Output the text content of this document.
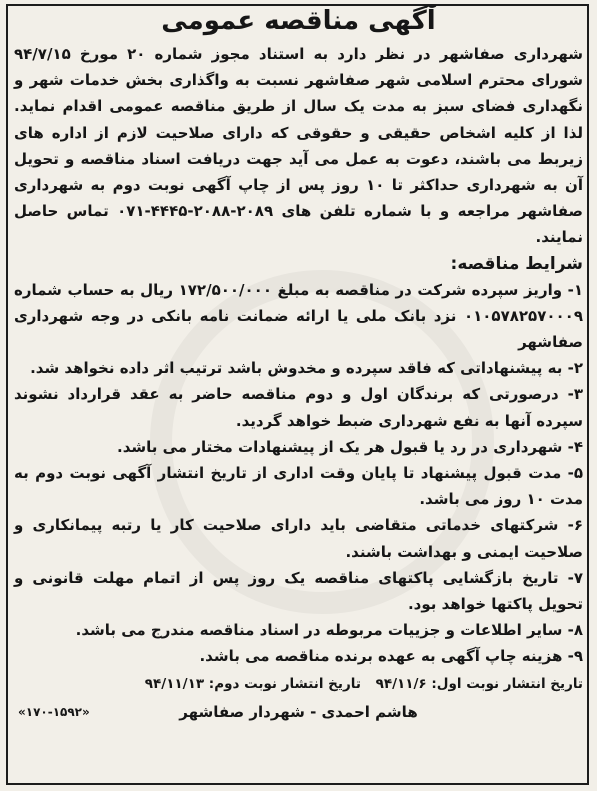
آگهی مناقصه عمومی

شهرداری صفاشهر در نظر دارد به استناد مجوز شماره ۲۰ مورخ ۹۴/۷/۱۵ شورای محترم اسلامی شهر صفاشهر نسبت به واگذاری بخش خدمات شهر و نگهداری فضای سبز به مدت یک سال از طریق مناقصه عمومی اقدام نماید. لذا از کلیه اشخاص حقیقی و حقوقی که دارای صلاحیت لازم از اداره های زیربط می باشند، دعوت به عمل می آید جهت دریافت اسناد مناقصه و تحویل آن به شهرداری حداکثر تا ۱۰ روز پس از چاپ آگهی نوبت دوم به شهرداری صفاشهر مراجعه و با شماره تلفن های ۲۰۸۹-۲۰۸۸-۴۴۴۵-۰۷۱ تماس حاصل نمایند.

شرایط مناقصه:
۱- واریز سپرده شرکت در مناقصه به مبلغ ۱۷۲/۵۰۰/۰۰۰ ریال به حساب شماره ۰۱۰۵۷۸۲۵۷۰۰۰۹ نزد بانک ملی یا ارائه ضمانت نامه بانکی در وجه شهرداری صفاشهر
۲- به پیشنهاداتی که فاقد سپرده و مخدوش باشد ترتیب اثر داده نخواهد شد.
۳- درصورتی که برندگان اول و دوم مناقصه حاضر به عقد قرارداد نشوند سپرده آنها به نفع شهرداری ضبط خواهد گردید.
۴- شهرداری در رد یا قبول هر یک از پیشنهادات مختار می باشد.
۵- مدت قبول پیشنهاد تا پایان وقت اداری از تاریخ انتشار آگهی نوبت دوم به مدت ۱۰ روز می باشد.
۶- شرکتهای خدماتی متقاضی باید دارای صلاحیت کار یا رتبه پیمانکاری و صلاحیت ایمنی و بهداشت باشند.
۷- تاریخ بازگشایی پاکتهای مناقصه یک روز پس از اتمام مهلت قانونی و تحویل پاکتها خواهد بود.
۸- سایر اطلاعات و جزییات مربوطه در اسناد مناقصه مندرج می باشد.
۹- هزینه چاپ آگهی به عهده برنده مناقصه می باشد.
تاریخ انتشار نوبت اول: ۹۴/۱۱/۶ تاریخ انتشار نوبت دوم: ۹۴/۱۱/۱۳
هاشم احمدی - شهردار صفاشهر
«۱۷۰-۱۵۹۲»
